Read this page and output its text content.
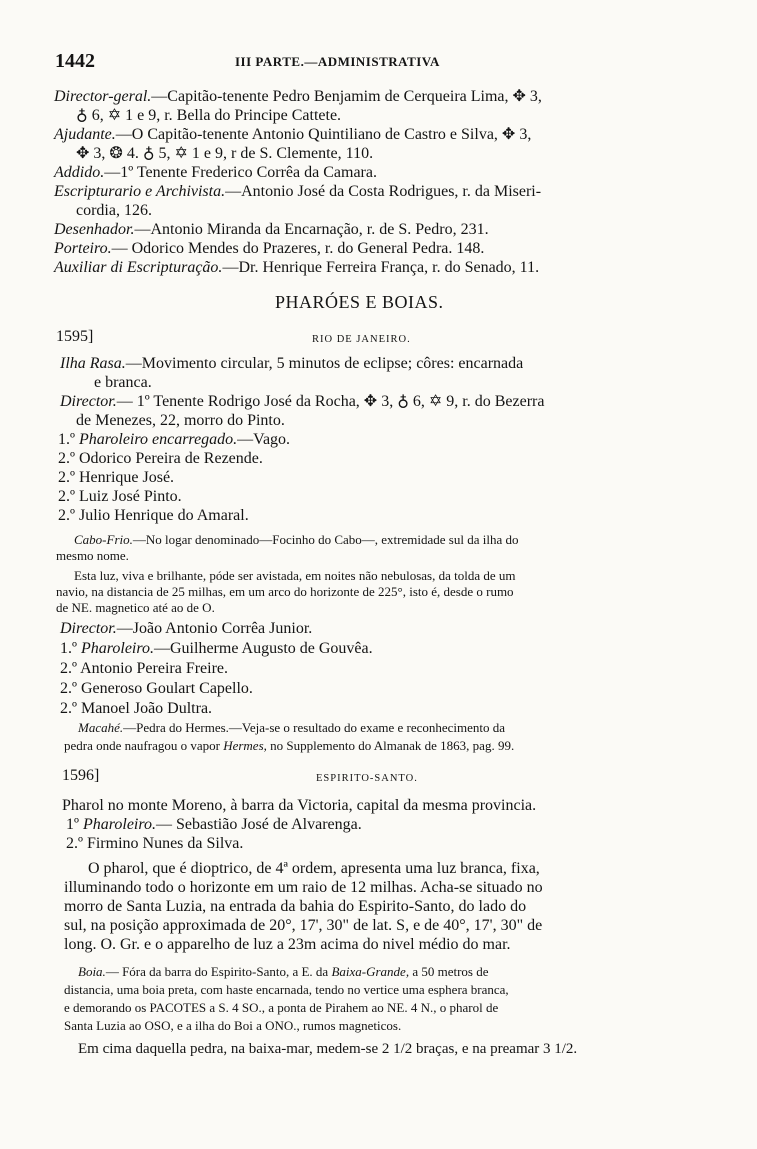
1442	III PARTE.—ADMINISTRATIVA
Director-geral.—Capitão-tenente Pedro Benjamim de Cerqueira Lima, ✥ 3,
♁ 6, ✡ 1 e 9, r. Bella do Principe Cattete.
Ajudante.—O Capitão-tenente Antonio Quintiliano de Castro e Silva, ✥ 3,
✥ 3, ❂ 4. ♁ 5, ✡ 1 e 9, r de S. Clemente, 110.
Addido.—1º Tenente Frederico Corrêa da Camara.
Escripturario e Archivista.—Antonio José da Costa Rodrigues, r. da Miseri-
cordia, 126.
Desenhador.—Antonio Miranda da Encarnação, r. de S. Pedro, 231.
Porteiro.— Odorico Mendes do Prazeres, r. do General Pedra. 148.
Auxiliar di Escripturação.—Dr. Henrique Ferreira França, r. do Senado, 11.
PHARÓES E BOIAS.
1595]	RIO DE JANEIRO.
Ilha Rasa.—Movimento circular, 5 minutos de eclipse; côres: encarnada
e branca.
Director.— 1º Tenente Rodrigo José da Rocha, ✥ 3, ♁ 6, ✡ 9, r. do Bezerra
de Menezes, 22, morro do Pinto.
1.º Pharoleiro encarregado.—Vago.
2.º Odorico Pereira de Rezende.
2.º Henrique José.
2.º Luiz José Pinto.
2.º Julio Henrique do Amaral.
Cabo-Frio.—No logar denominado—Focinho do Cabo—, extremidade sul da ilha do
mesmo nome.
Esta luz, viva e brilhante, póde ser avistada, em noites não nebulosas, da tolda de um
navio, na distancia de 25 milhas, em um arco do horizonte de 225°, isto é, desde o rumo
de NE. magnetico até ao de O.
Director.—João Antonio Corrêa Junior.
1.º Pharoleiro.—Guilherme Augusto de Gouvêa.
2.º Antonio Pereira Freire.
2.º Generoso Goulart Capello.
2.º Manoel João Dultra.
Macahé.—Pedra do Hermes.—Veja-se o resultado do exame e reconhecimento da
pedra onde naufragou o vapor Hermes, no Supplemento do Almanak de 1863, pag. 99.
1596]	ESPIRITO-SANTO.
Pharol no monte Moreno, à barra da Victoria, capital da mesma provincia.
1º Pharoleiro.— Sebastião José de Alvarenga.
2.º Firmino Nunes da Silva.
O pharol, que é dioptrico, de 4ª ordem, apresenta uma luz branca, fixa,
illuminando todo o horizonte em um raio de 12 milhas. Acha-se situado no
morro de Santa Luzia, na entrada da bahia do Espirito-Santo, do lado do
sul, na posição approximada de 20°, 17', 30" de lat. S, e de 40°, 17', 30" de
long. O. Gr. e o apparelho de luz a 23m acima do nivel médio do mar.
Boia.— Fóra da barra do Espirito-Santo, a E. da Baixa-Grande, a 50 metros de
distancia, uma boia preta, com haste encarnada, tendo no vertice uma esphera branca,
e demorando os PACOTES a S. 4 SO., a ponta de Pirahem ao NE. 4 N., o pharol de
Santa Luzia ao OSO, e a ilha do Boi a ONO., rumos magneticos.
Em cima daquella pedra, na baixa-mar, medem-se 2 1/2 braças, e na preamar 3 1/2.
